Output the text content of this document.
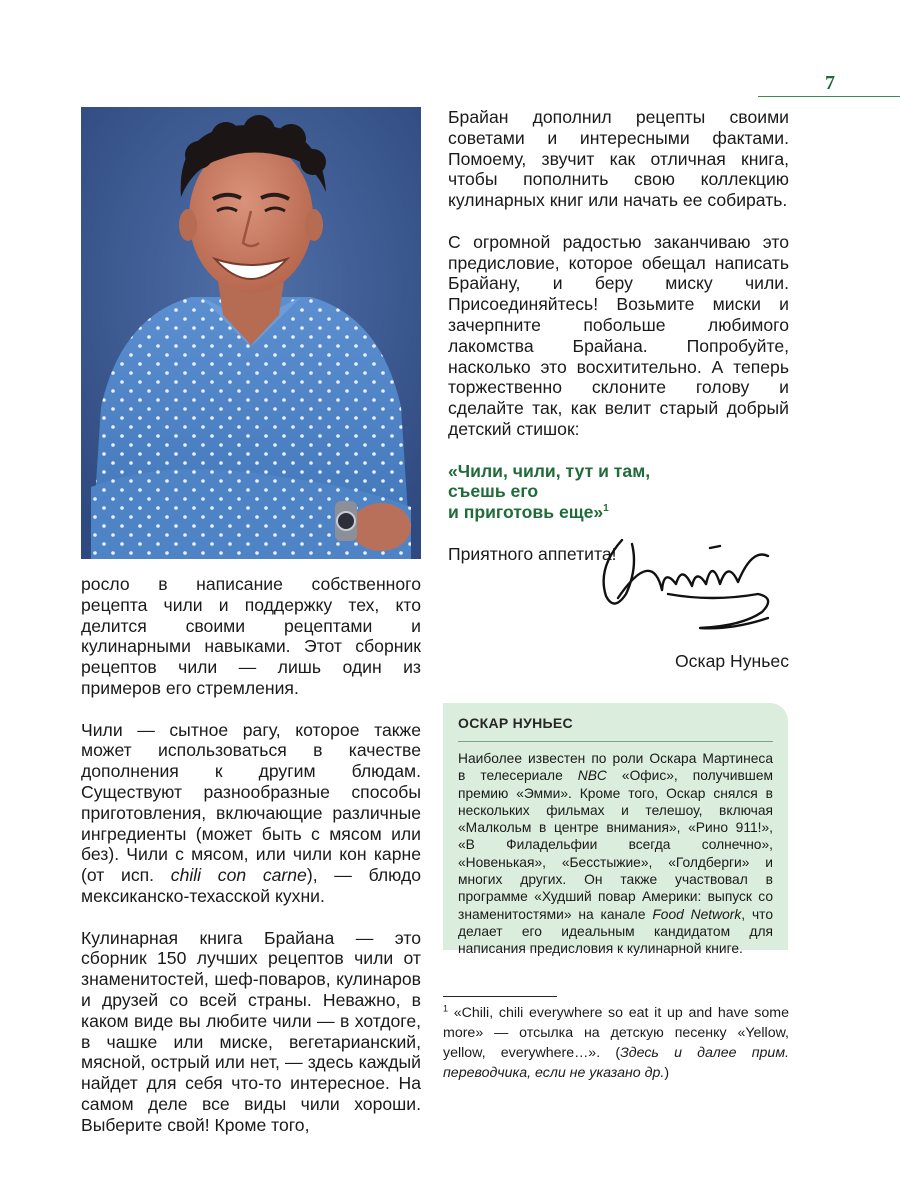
7

росло в написание собственного рецепта чили и поддержку тех, кто делится своими рецептами и кулинарными навыками. Этот сборник рецептов чили — лишь один из примеров его стремления.

Чили — сытное рагу, которое также может использоваться в качестве дополнения к другим блюдам. Существуют разнообразные способы приготовления, включающие различные ингредиенты (может быть с мясом или без). Чили с мясом, или чили кон карне (от исп. chili con carne), — блюдо мексиканско-техасской кухни.

Кулинарная книга Брайана — это сборник 150 лучших рецептов чили от знаменитостей, шеф-поваров, кулинаров и друзей со всей страны. Неважно, в каком виде вы любите чили — в хотдоге, в чашке или миске, вегетарианский, мясной, острый или нет, — здесь каждый найдет для себя что-то интересное. На самом деле все виды чили хороши. Выберите свой! Кроме того,

Брайан дополнил рецепты своими советами и интересными фактами. Помоему, звучит как отличная книга, чтобы пополнить свою коллекцию кулинарных книг или начать ее собирать.

С огромной радостью заканчиваю это предисловие, которое обещал написать Брайану, и беру миску чили. Присоединяйтесь! Возьмите миски и зачерпните побольше любимого лакомства Брайана. Попробуйте, насколько это восхитительно. А теперь торжественно склоните голову и сделайте так, как велит старый добрый детский стишок:

«Чили, чили, тут и там,
съешь его
и приготовь еще»$^1$

Приятного аппетита!

Оскар Нуньес
ОСКАР НУНЬЕС

Наиболее известен по роли Оскара Мартинеса в телесериале NBC «Офис», получившем премию «Эмми». Кроме того, Оскар снялся в нескольких фильмах и телешоу, включая «Малкольм в центре внимания», «Рино 911!», «В Филадельфии всегда солнечно», «Новенькая», «Бесстыжие», «Голдберги» и многих других. Он также участвовал в программе «Худший повар Америки: выпуск со знаменитостями» на канале Food Network, что делает его идеальным кандидатом для написания предисловия к кулинарной книге.

$^1$ «Chili, chili everywhere so eat it up and have some more» — отсылка на детскую песенку «Yellow, yellow, everywhere…». (Здесь и далее прим. переводчика, если не указано др.)
